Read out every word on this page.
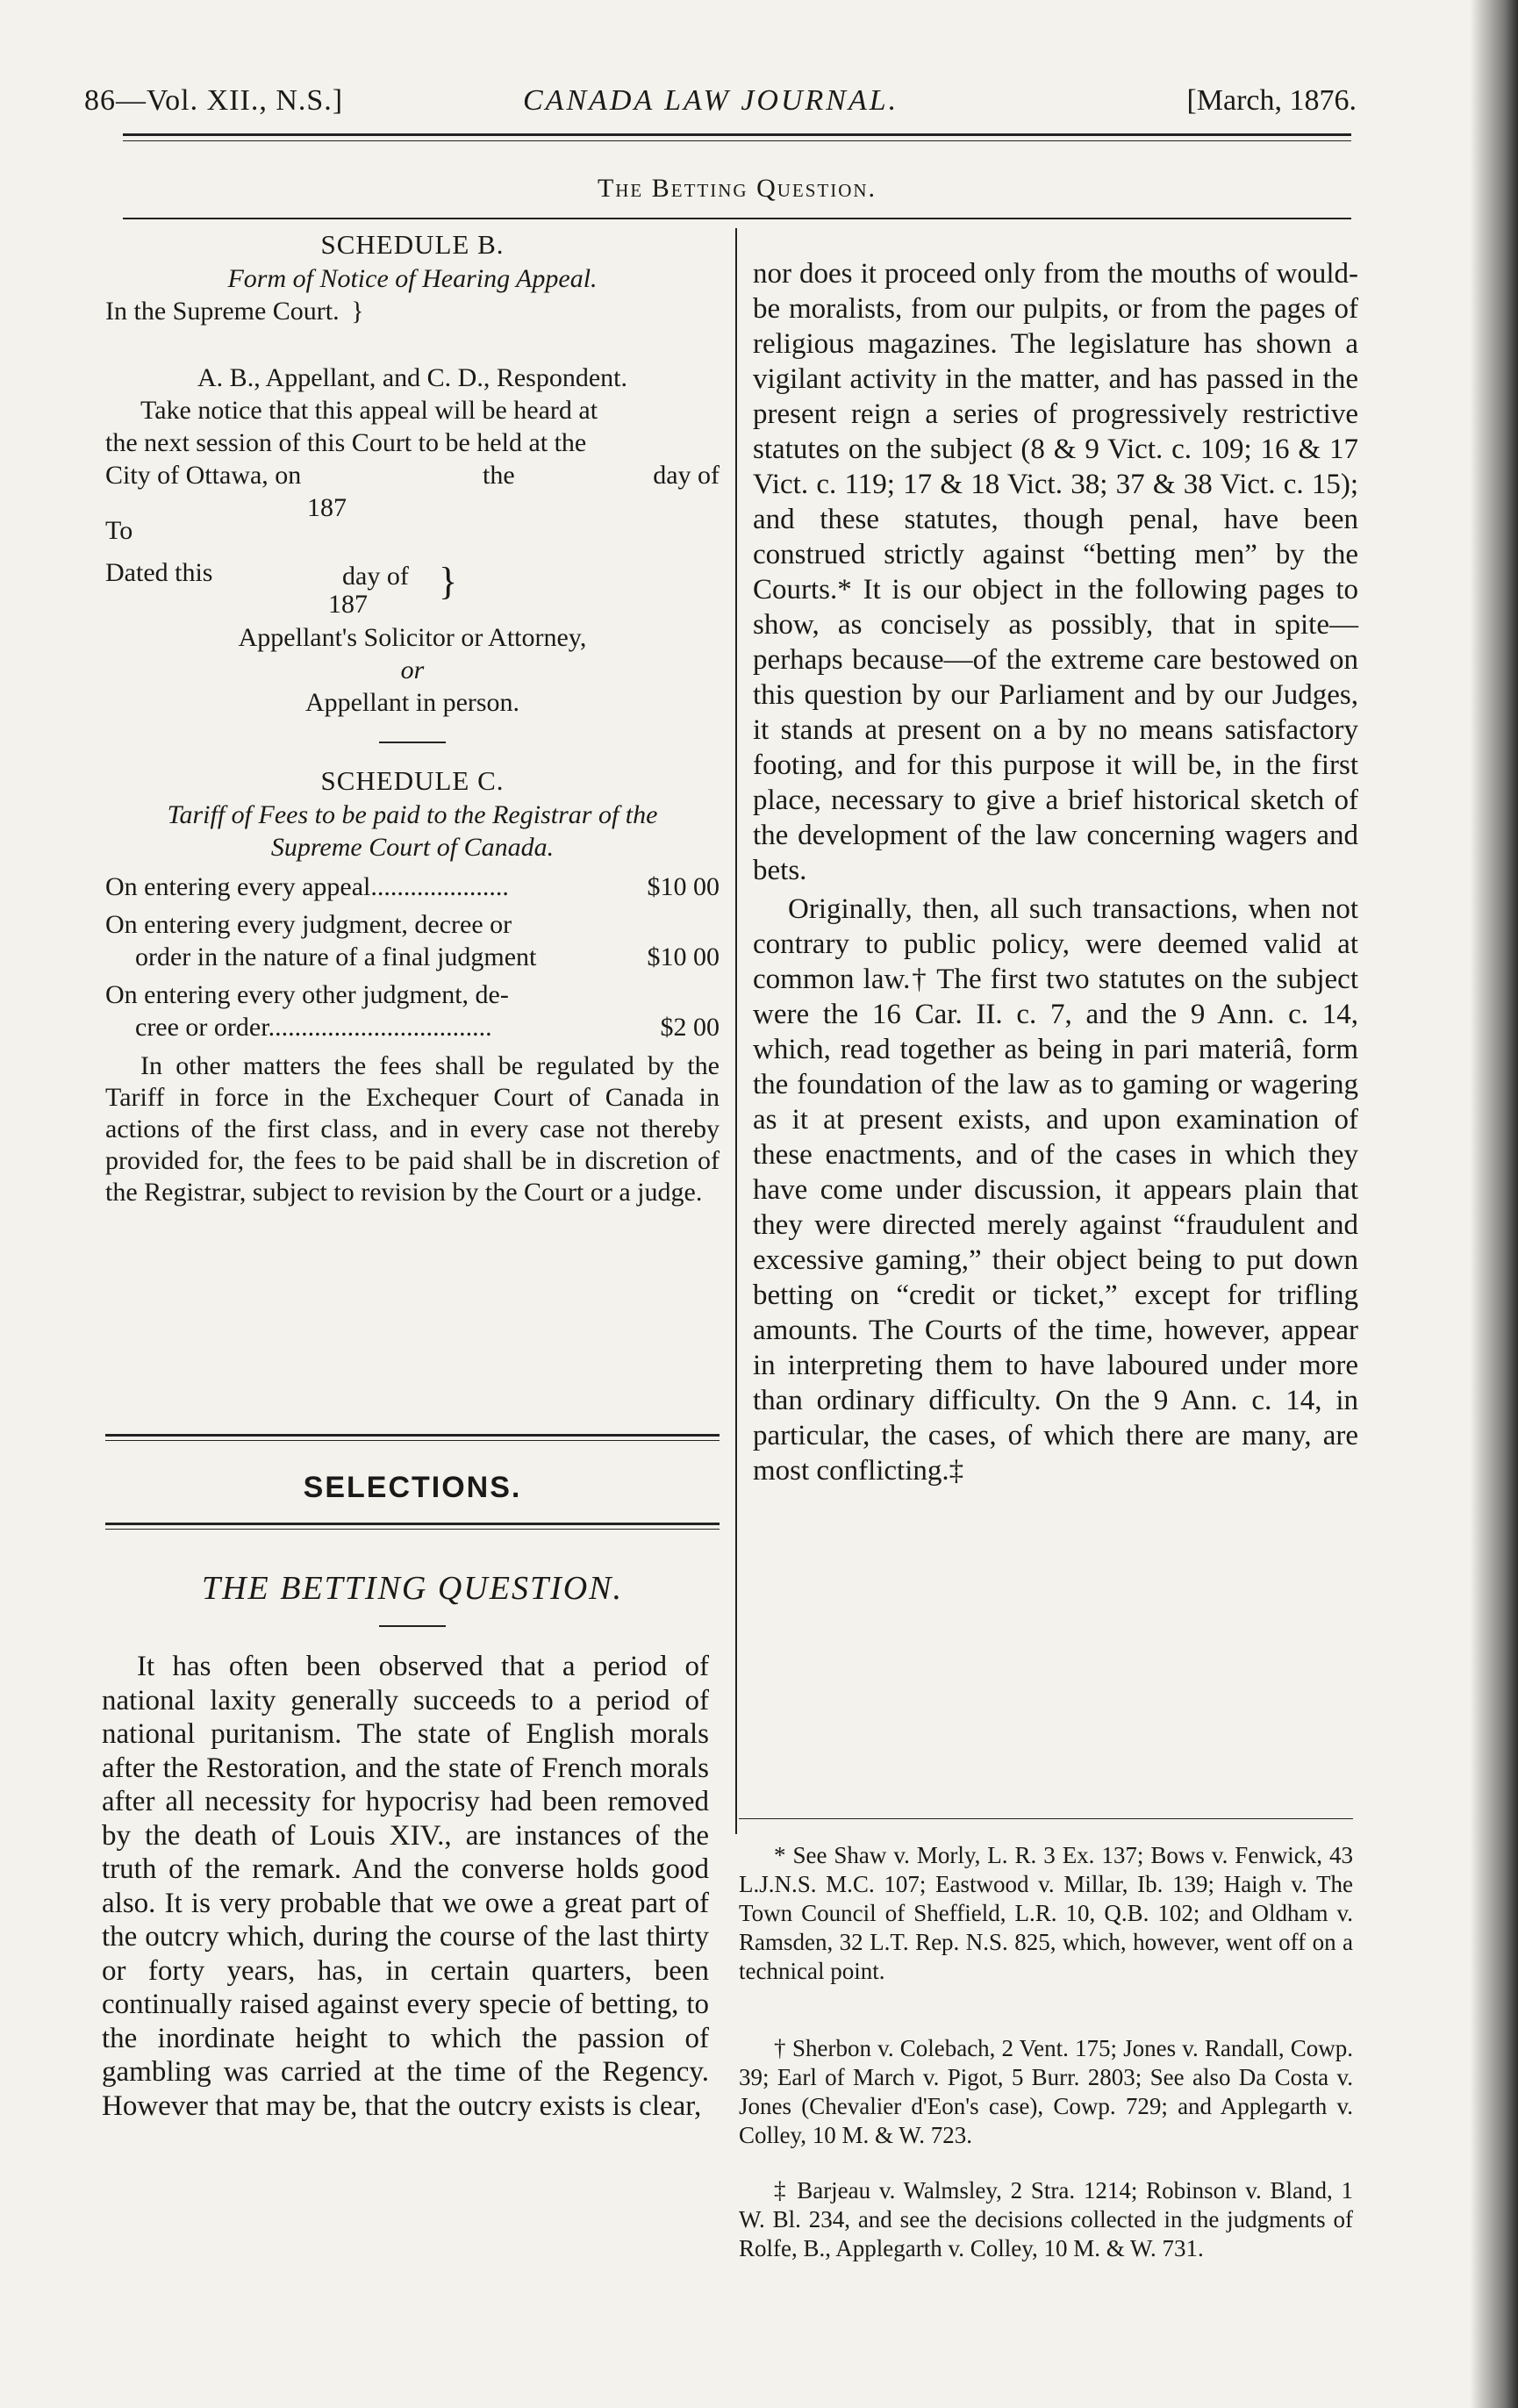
86—Vol. XII., N.S.]	CANADA LAW JOURNAL.	[March, 1876.
The Betting Question.
SCHEDULE B.
Form of Notice of Hearing Appeal.
In the Supreme Court. }
A. B., Appellant, and C. D., Respondent.
Take notice that this appeal will be heard at
the next session of this Court to be held at the
City of Ottawa, on	the	day of
187
To
Dated this	day of
187
}
Appellant's Solicitor or Attorney,
or
Appellant in person.
SCHEDULE C.
Tariff of Fees to be paid to the Registrar of the
Supreme Court of Canada.
On entering every appeal.....................	$10 00
On entering every judgment, decree or
order in the nature of a final judgment	$10 00
On entering every other judgment, de-
cree or order..................................	$2 00
In other matters the fees shall be regulated by the Tariff in force in the Exchequer Court of Canada in actions of the first class, and in every case not thereby provided for, the fees to be paid shall be in discretion of the Registrar, subject to revision by the Court or a judge.
SELECTIONS.
THE BETTING QUESTION.
It has often been observed that a period of national laxity generally succeeds to a period of national puritanism. The state of English morals after the Restoration, and the state of French morals after all necessity for hypocrisy had been removed by the death of Louis XIV., are instances of the truth of the remark. And the converse holds good also. It is very probable that we owe a great part of the outcry which, during the course of the last thirty or forty years, has, in certain quarters, been continually raised against every specie of betting, to the inordinate height to which the passion of gambling was carried at the time of the Regency. However that may be, that the outcry exists is clear,
nor does it proceed only from the mouths of would-be moralists, from our pulpits, or from the pages of religious magazines. The legislature has shown a vigilant activity in the matter, and has passed in the present reign a series of progressively restrictive statutes on the subject (8 & 9 Vict. c. 109; 16 & 17 Vict. c. 119; 17 & 18 Vict. 38; 37 & 38 Vict. c. 15); and these statutes, though penal, have been construed strictly against “betting men” by the Courts.* It is our object in the following pages to show, as concisely as possibly, that in spite—perhaps because—of the extreme care bestowed on this question by our Parliament and by our Judges, it stands at present on a by no means satisfactory footing, and for this purpose it will be, in the first place, necessary to give a brief historical sketch of the development of the law concerning wagers and bets.
Originally, then, all such transactions, when not contrary to public policy, were deemed valid at common law.† The first two statutes on the subject were the 16 Car. II. c. 7, and the 9 Ann. c. 14, which, read together as being in pari materiâ, form the foundation of the law as to gaming or wagering as it at present exists, and upon examination of these enactments, and of the cases in which they have come under discussion, it appears plain that they were directed merely against “fraudulent and excessive gaming,” their object being to put down betting on “credit or ticket,” except for trifling amounts. The Courts of the time, however, appear in interpreting them to have laboured under more than ordinary difficulty. On the 9 Ann. c. 14, in particular, the cases, of which there are many, are most conflicting.‡
* See Shaw v. Morly, L. R. 3 Ex. 137; Bows v. Fenwick, 43 L.J.N.S. M.C. 107; Eastwood v. Millar, Ib. 139; Haigh v. The Town Council of Sheffield, L.R. 10, Q.B. 102; and Oldham v. Ramsden, 32 L.T. Rep. N.S. 825, which, however, went off on a technical point.
† Sherbon v. Colebach, 2 Vent. 175; Jones v. Randall, Cowp. 39; Earl of March v. Pigot, 5 Burr. 2803; See also Da Costa v. Jones (Chevalier d'Eon's case), Cowp. 729; and Applegarth v. Colley, 10 M. & W. 723.
‡ Barjeau v. Walmsley, 2 Stra. 1214; Robinson v. Bland, 1 W. Bl. 234, and see the decisions collected in the judgments of Rolfe, B., Applegarth v. Colley, 10 M. & W. 731.
